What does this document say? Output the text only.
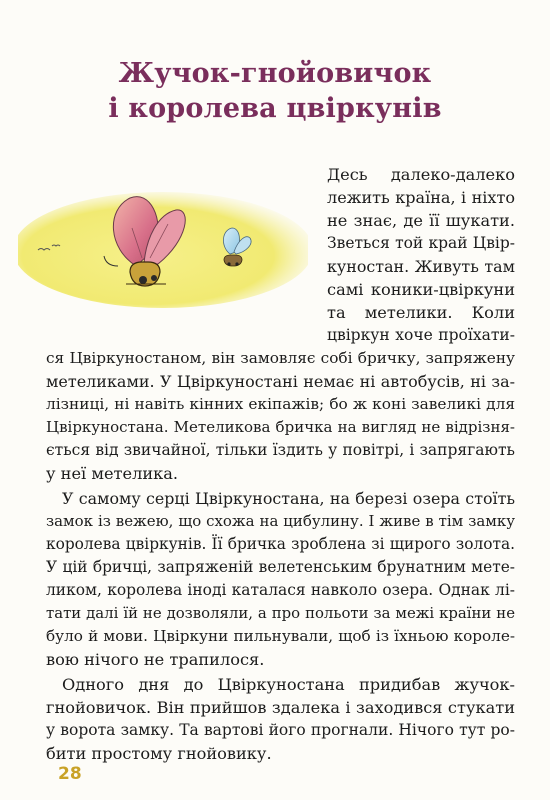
Жучок-гнойовичок
і королева цвіркунів
Десь далеко-далеко
лежить країна, і ніхто
не знає, де її шукати.
Зветься той край Цвір-
куностан. Живуть там
самі коники-цвіркуни
та метелики. Коли
цвіркун хоче проїхати-
ся Цвіркуностаном, він замовляє собі бричку, запряжену
метеликами. У Цвіркуностані немає ні автобусів, ні за-
лізниці, ні навіть кінних екіпажів; бо ж коні завеликі для
Цвіркуностана. Метеликова бричка на вигляд не відрізня-
ється від звичайної, тільки їздить у повітрі, і запрягають
у неї метелика.
У самому серці Цвіркуностана, на березі озера стоїть
замок із вежею, що схожа на цибулину. І живе в тім замку
королева цвіркунів. Її бричка зроблена зі щирого золота.
У цій бричці, запряженій велетенським брунатним мете-
ликом, королева іноді каталася навколо озера. Однак лі-
тати далі їй не дозволяли, а про польоти за межі країни не
було й мови. Цвіркуни пильнували, щоб із їхньою короле-
вою нічого не трапилося.
Одного дня до Цвіркуностана придибав жучок-
гнойовичок. Він прийшов здалека і заходився стукати
у ворота замку. Та вартові його прогнали. Нічого тут ро-
бити простому гнойовику.
28
